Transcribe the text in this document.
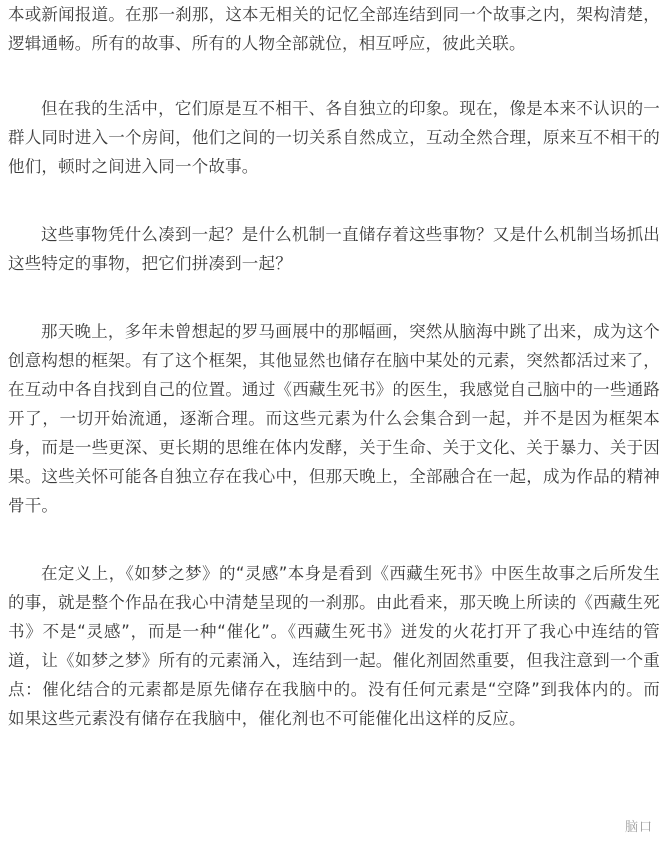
本或新闻报道。在那一刹那，这本无相关的记忆全部连结到同一个故事之内，架构清楚，逻辑通畅。所有的故事、所有的人物全部就位，相互呼应，彼此关联。

但在我的生活中，它们原是互不相干、各自独立的印象。现在，像是本来不认识的一群人同时进入一个房间，他们之间的一切关系自然成立，互动全然合理，原来互不相干的他们，顿时之间进入同一个故事。

这些事物凭什么凑到一起？是什么机制一直储存着这些事物？又是什么机制当场抓出这些特定的事物，把它们拼凑到一起？

那天晚上，多年未曾想起的罗马画展中的那幅画，突然从脑海中跳了出来，成为这个创意构想的框架。有了这个框架，其他显然也储存在脑中某处的元素，突然都活过来了，在互动中各自找到自己的位置。通过《西藏生死书》的医生，我感觉自己脑中的一些通路开了，一切开始流通，逐渐合理。而这些元素为什么会集合到一起，并不是因为框架本身，而是一些更深、更长期的思维在体内发酵，关于生命、关于文化、关于暴力、关于因果。这些关怀可能各自独立存在我心中，但那天晚上，全部融合在一起，成为作品的精神骨干。

在定义上，《如梦之梦》的“灵感”本身是看到《西藏生死书》中医生故事之后所发生的事，就是整个作品在我心中清楚呈现的一刹那。由此看来，那天晚上所读的《西藏生死书》不是“灵感”，而是一种“催化”。《西藏生死书》迸发的火花打开了我心中连结的管道，让《如梦之梦》所有的元素涌入，连结到一起。催化剂固然重要，但我注意到一个重点：催化结合的元素都是原先储存在我脑中的。没有任何元素是“空降”到我体内的。而如果这些元素没有储存在我脑中，催化剂也不可能催化出这样的反应。

脑口
